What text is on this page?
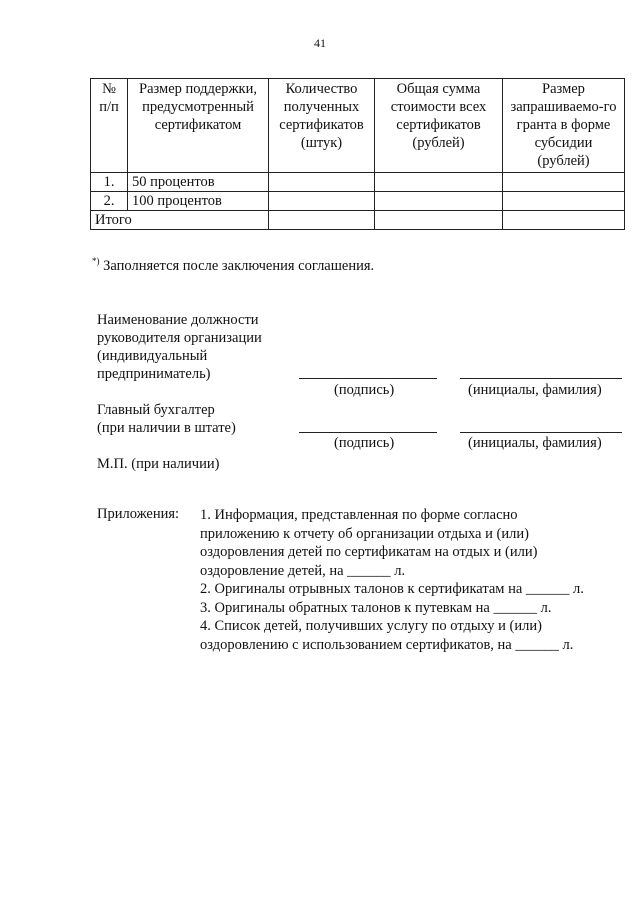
41
№ п/п	Размер поддержки, предусмотренный сертификатом	Количество полученных сертификатов (штук)	Общая сумма стоимости всех сертификатов (рублей)	Размер запрашиваемо-го гранта в форме субсидии (рублей)
1.	50 процентов			
2.	100 процентов			
Итого				
*) Заполняется после заключения соглашения.
Наименование должности
руководителя организации
(индивидуальный
предприниматель)
(подпись)	(инициалы, фамилия)
Главный бухгалтер
(при наличии в штате)
(подпись)	(инициалы, фамилия)
М.П. (при наличии)
Приложения: 1. Информация, представленная по форме согласно
приложению к отчету об организации отдыха и (или)
оздоровления детей по сертификатам на отдых и (или)
оздоровление детей, на ______ л.
2. Оригиналы отрывных талонов к сертификатам на ______ л.
3. Оригиналы обратных талонов к путевкам на ______ л.
4. Список детей, получивших услугу по отдыху и (или)
оздоровлению с использованием сертификатов, на ______ л.
